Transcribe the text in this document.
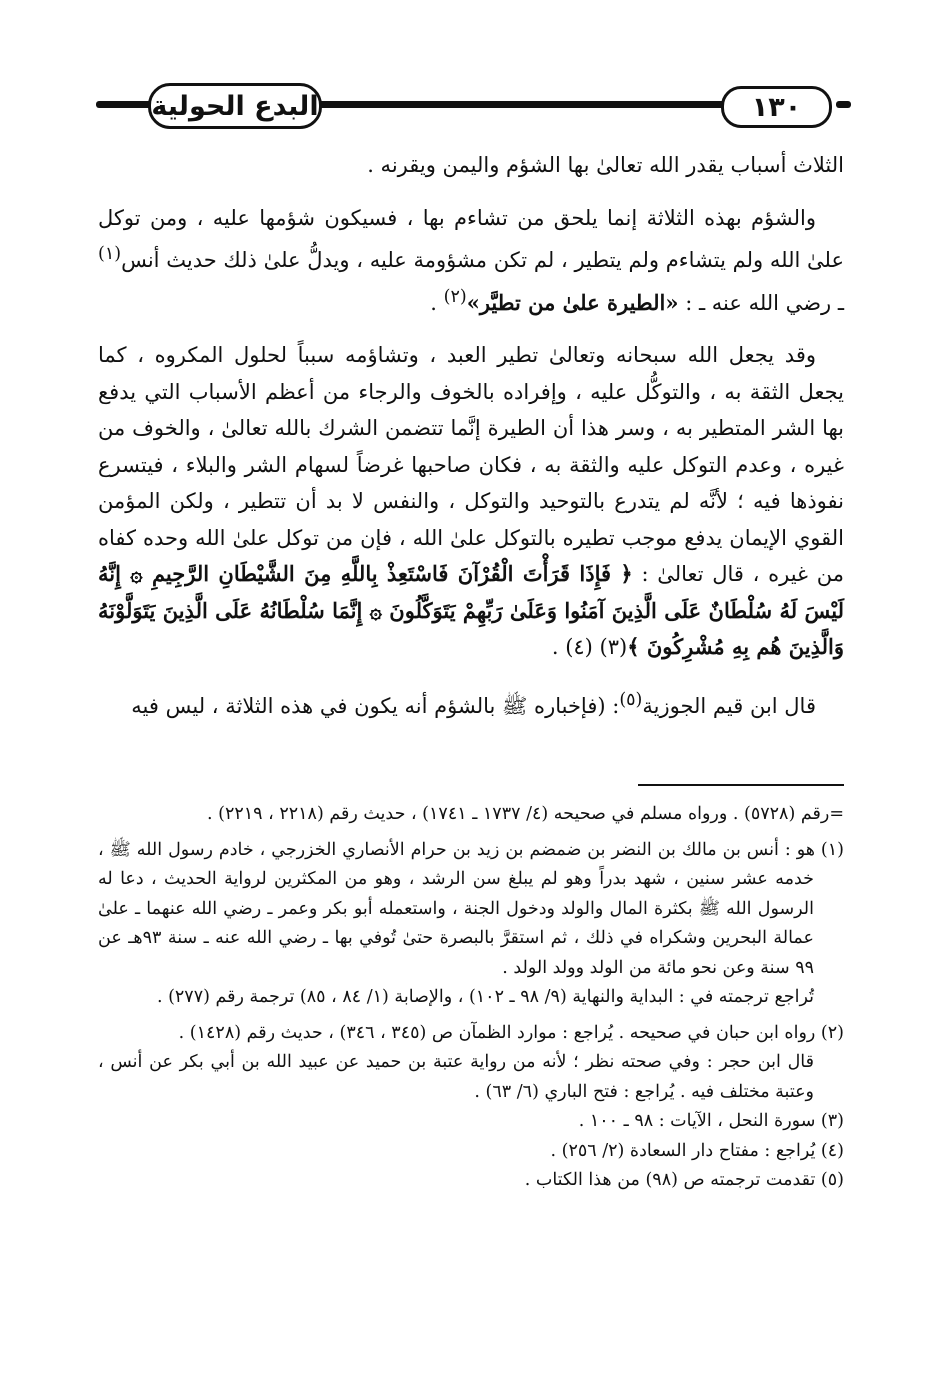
البدع الحولية	١٣٠

الثلاث أسباب يقدر الله تعالىٰ بها الشؤم واليمن ويقرنه .

والشؤم بهذه الثلاثة إنما يلحق من تشاءم بها ، فسيكون شؤمها عليه ، ومن توكل علىٰ الله ولم يتشاءم ولم يتطير ، لم تكن مشؤومة عليه ، ويدلُّ علىٰ ذلك حديث أنس$^{(١)}$ ـ رضي الله عنه ـ : «الطيرة علىٰ من تطيَّر»$^{(٢)}$ .

وقد يجعل الله سبحانه وتعالىٰ تطير العبد ، وتشاؤمه سبباً لحلول المكروه ، كما يجعل الثقة به ، والتوكُّل عليه ، وإفراده بالخوف والرجاء من أعظم الأسباب التي يدفع بها الشر المتطير به ، وسر هذا أن الطيرة إنَّما تتضمن الشرك بالله تعالىٰ ، والخوف من غيره ، وعدم التوكل عليه والثقة به ، فكان صاحبها غرضاً لسهام الشر والبلاء ، فيتسرع نفوذها فيه ؛ لأنَّه لم يتدرع بالتوحيد والتوكل ، والنفس لا بد أن تتطير ، ولكن المؤمن القوي الإيمان يدفع موجب تطيره بالتوكل علىٰ الله ، فإن من توكل علىٰ الله وحده كفاه من غيره ، قال تعالىٰ : ﴿ فَإِذَا قَرَأْتَ الْقُرْآنَ فَاسْتَعِذْ بِاللَّهِ مِنَ الشَّيْطَانِ الرَّجِيمِ ۞ إِنَّهُ لَيْسَ لَهُ سُلْطَانٌ عَلَى الَّذِينَ آمَنُوا وَعَلَىٰ رَبِّهِمْ يَتَوَكَّلُونَ ۞ إِنَّمَا سُلْطَانُهُ عَلَى الَّذِينَ يَتَوَلَّوْنَهُ وَالَّذِينَ هُم بِهِ مُشْرِكُونَ ﴾(٣) (٤) .

قال ابن قيم الجوزية$^{(٥)}$: (فإخباره ﷺ بالشؤم أنه يكون في هذه الثلاثة ، ليس فيه

=رقم (٥٧٢٨) . ورواه مسلم في صحيحه (٤/ ١٧٣٧ ـ ١٧٤١) ، حديث رقم (٢٢١٨ ، ٢٢١٩) .

(١) هو : أنس بن مالك بن النضر بن ضمضم بن زيد بن حرام الأنصاري الخزرجي ، خادم رسول الله ﷺ ، خدمه عشر سنين ، شهد بدراً وهو لم يبلغ سن الرشد ، وهو من المكثرين لرواية الحديث ، دعا له الرسول الله ﷺ بكثرة المال والولد ودخول الجنة ، واستعمله أبو بكر وعمر ـ رضي الله عنهما ـ علىٰ عمالة البحرين وشكراه في ذلك ، ثم استقرَّ بالبصرة حتىٰ تُوفي بها ـ رضي الله عنه ـ سنة ٩٣هـ عن ٩٩ سنة وعن نحو مائة من الولد وولد الولد .

تُراجع ترجمته في : البداية والنهاية (٩/ ٩٨ ـ ١٠٢) ، والإصابة (١/ ٨٤ ، ٨٥) ترجمة رقم (٢٧٧) .

(٢) رواه ابن حبان في صحيحه . يُراجع : موارد الظمآن ص (٣٤٥ ، ٣٤٦) ، حديث رقم (١٤٢٨) .

قال ابن حجر : وفي صحته نظر ؛ لأنه من رواية عتبة بن حميد عن عبيد الله بن أبي بكر عن أنس ، وعتبة مختلف فيه . يُراجع : فتح الباري (٦/ ٦٣) .

(٣) سورة النحل ، الآيات : ٩٨ ـ ١٠٠ .

(٤) يُراجع : مفتاح دار السعادة (٢/ ٢٥٦) .

(٥) تقدمت ترجمته ص (٩٨) من هذا الكتاب .
